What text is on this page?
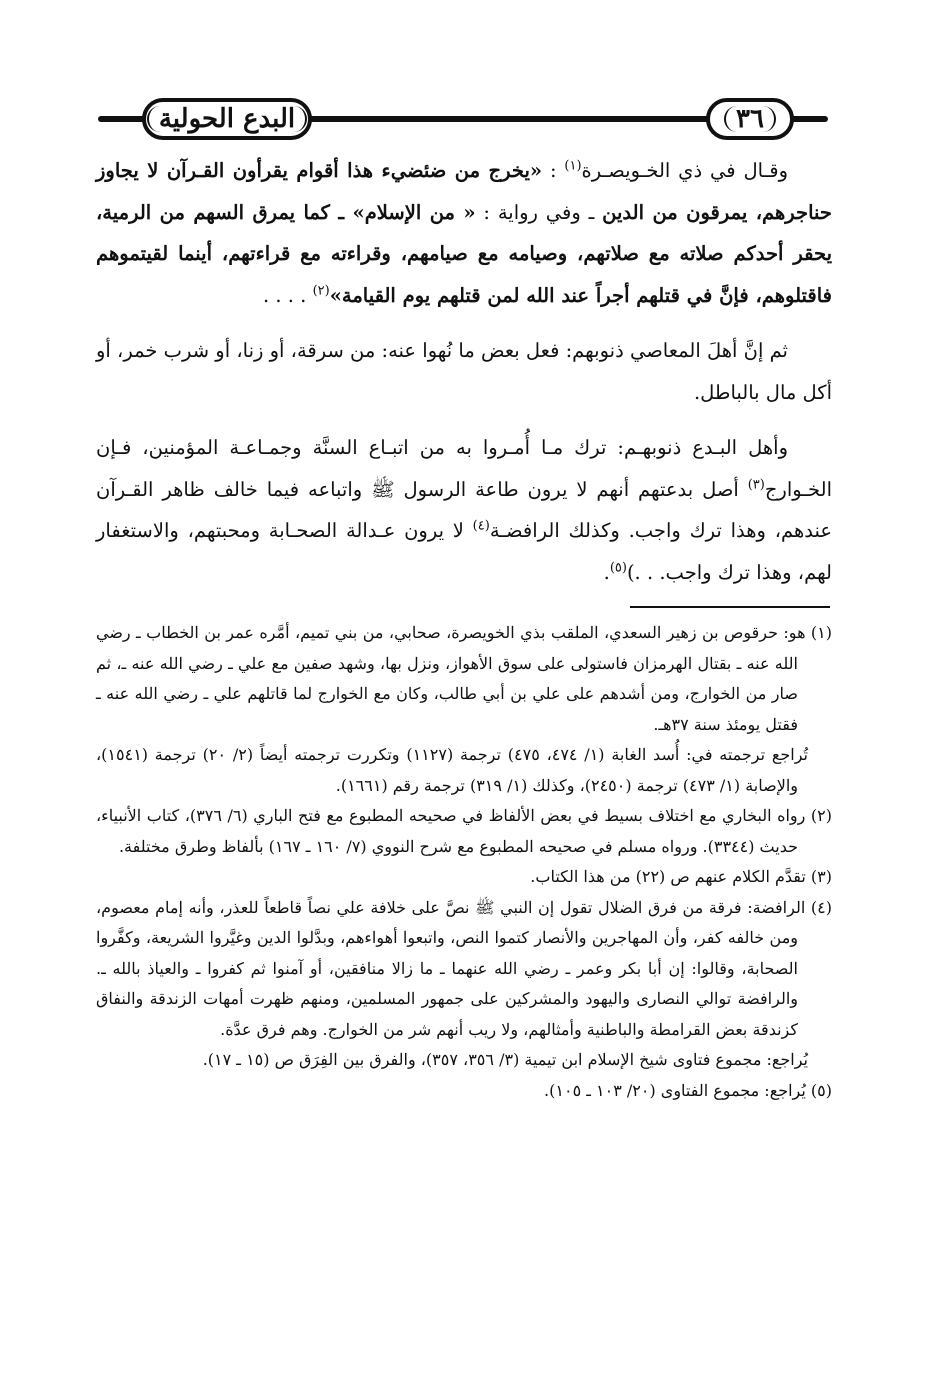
البدع الحولية	٣٦

وقـال في ذي الخـويصـرة$^{(١)}$ : «يخرج من ضئضيء هذا أقوام يقرأون القـرآن لا يجاوز حناجرهم، يمرقون من الدين ـ وفي رواية : « من الإسلام» ـ كما يمرق السهم من الرمية، يحقر أحدكم صلاته مع صلاتهم، وصيامه مع صيامهم، وقراءته مع قراءتهم، أينما لقيتموهم فاقتلوهم، فإنَّ في قتلهم أجراً عند الله لمن قتلهم يوم القيامة»$^{(٢)}$ . . . .

ثم إنَّ أهلَ المعاصي ذنوبهم: فعل بعض ما نُهوا عنه: من سرقة، أو زنا، أو شرب خمر، أو أكل مال بالباطل.

وأهل البـدع ذنوبهـم: ترك مـا أُمـروا به من اتبـاع السنَّة وجمـاعـة المؤمنين، فـإن الخـوارج$^{(٣)}$ أصل بدعتهم أنهم لا يرون طاعة الرسول ﷺ واتباعه فيما خالف ظاهر القـرآن عندهم، وهذا ترك واجب. وكذلك الرافضـة$^{(٤)}$ لا يرون عـدالة الصحـابة ومحبتهم، والاستغفار لهم، وهذا ترك واجب. . .)$^{(٥)}$.

(١) هو: حرقوص بن زهير السعدي، الملقب بذي الخويصرة، صحابي، من بني تميم، أمَّره عمر بن الخطاب ـ رضي الله عنه ـ بقتال الهرمزان فاستولى على سوق الأهواز، ونزل بها، وشهد صفين مع علي ـ رضي الله عنه ـ، ثم صار من الخوارج، ومن أشدهم على علي بن أبي طالب، وكان مع الخوارج لما قاتلهم علي ـ رضي الله عنه ـ فقتل يومئذ سنة ٣٧هـ.

تُراجع ترجمته في: أُسد الغابة (١/ ٤٧٤، ٤٧٥) ترجمة (١١٢٧) وتكررت ترجمته أيضاً (٢/ ٢٠) ترجمة (١٥٤١)، والإصابة (١/ ٤٧٣) ترجمة (٢٤٥٠)، وكذلك (١/ ٣١٩) ترجمة رقم (١٦٦١).

(٢) رواه البخاري مع اختلاف بسيط في بعض الألفاظ في صحيحه المطبوع مع فتح الباري (٦/ ٣٧٦)، كتاب الأنبياء، حديث (٣٣٤٤). ورواه مسلم في صحيحه المطبوع مع شرح النووي (٧/ ١٦٠ ـ ١٦٧) بألفاظ وطرق مختلفة.

(٣) تقدَّم الكلام عنهم ص (٢٢) من هذا الكتاب.

(٤) الرافضة: فرقة من فرق الضلال تقول إن النبي ﷺ نصَّ على خلافة علي نصاً قاطعاً للعذر، وأنه إمام معصوم، ومن خالفه كفر، وأن المهاجرين والأنصار كتموا النص، واتبعوا أهواءهم، وبدَّلوا الدين وغيَّروا الشريعة، وكفَّروا الصحابة، وقالوا: إن أبا بكر وعمر ـ رضي الله عنهما ـ ما زالا منافقين، أو آمنوا ثم كفروا ـ والعياذ بالله ـ. والرافضة توالي النصارى واليهود والمشركين على جمهور المسلمين، ومنهم ظهرت أمهات الزندقة والنفاق كزندقة بعض القرامطة والباطنية وأمثالهم، ولا ريب أنهم شر من الخوارج. وهم فرق عدَّة.

يُراجع: مجموع فتاوى شيخ الإسلام ابن تيمية (٣/ ٣٥٦، ٣٥٧)، والفرق بين الفِرَق ص (١٥ ـ ١٧).

(٥) يُراجع: مجموع الفتاوى (٢٠/ ١٠٣ ـ ١٠٥).
